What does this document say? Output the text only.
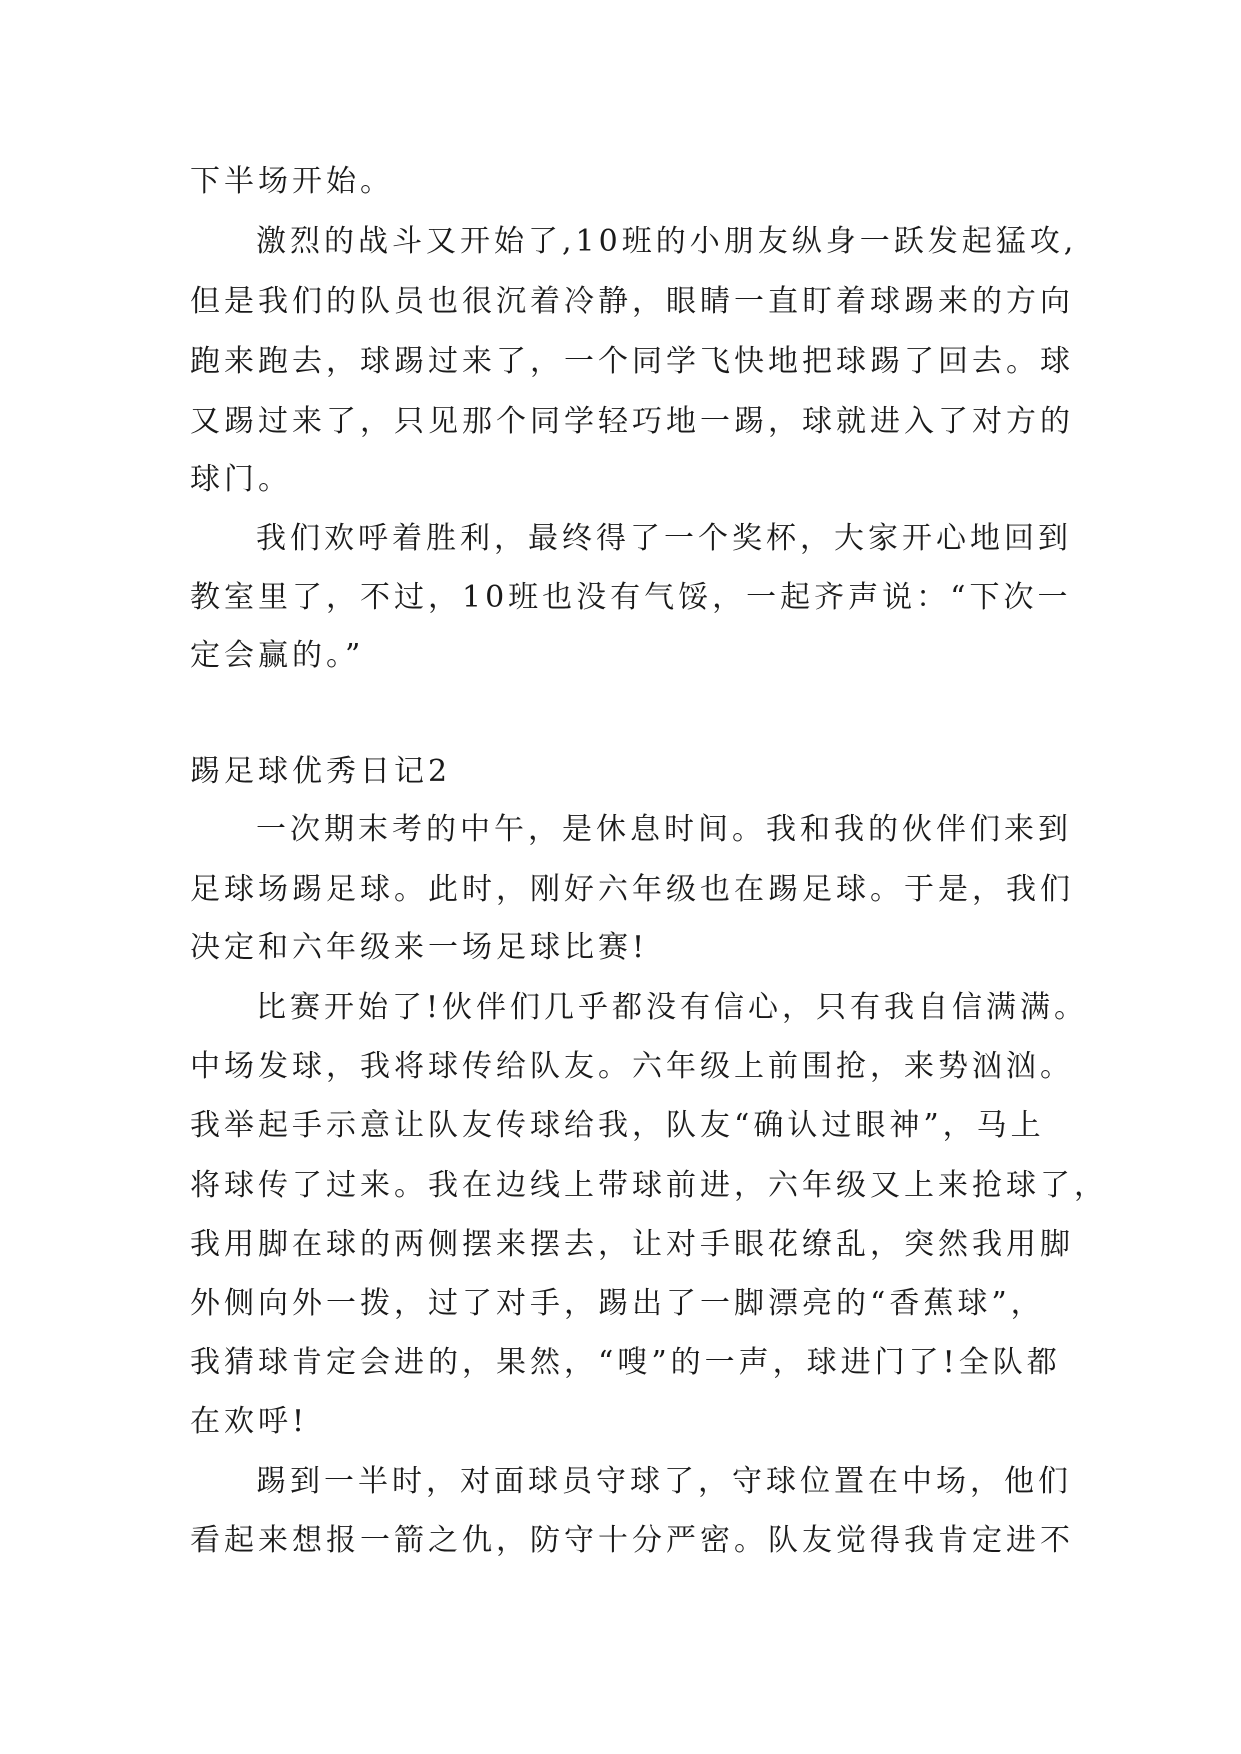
下半场开始。
激烈的战斗又开始了,10班的小朋友纵身一跃发起猛攻,
但是我们的队员也很沉着冷静，眼睛一直盯着球踢来的方向
跑来跑去，球踢过来了，一个同学飞快地把球踢了回去。球
又踢过来了，只见那个同学轻巧地一踢，球就进入了对方的
球门。
我们欢呼着胜利，最终得了一个奖杯，大家开心地回到
教室里了，不过，10班也没有气馁，一起齐声说：“下次一
定会赢的。”
踢足球优秀日记2
一次期末考的中午，是休息时间。我和我的伙伴们来到
足球场踢足球。此时，刚好六年级也在踢足球。于是，我们
决定和六年级来一场足球比赛!
比赛开始了!伙伴们几乎都没有信心，只有我自信满满。
中场发球，我将球传给队友。六年级上前围抢，来势汹汹。
我举起手示意让队友传球给我，队友“确认过眼神”，马上
将球传了过来。我在边线上带球前进，六年级又上来抢球了，
我用脚在球的两侧摆来摆去，让对手眼花缭乱，突然我用脚
外侧向外一拨，过了对手，踢出了一脚漂亮的“香蕉球”，
我猜球肯定会进的，果然，“嗖”的一声，球进门了!全队都
在欢呼!
踢到一半时，对面球员守球了，守球位置在中场，他们
看起来想报一箭之仇，防守十分严密。队友觉得我肯定进不
